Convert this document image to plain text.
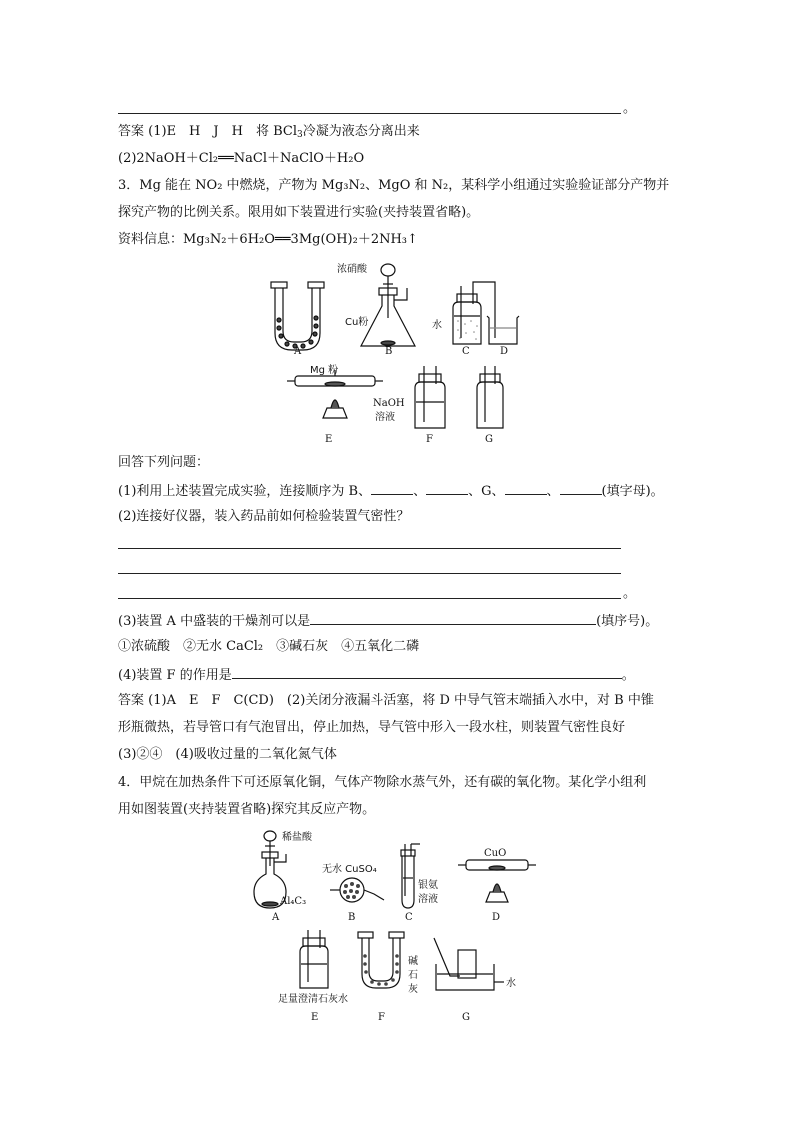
。
答案 (1)E　H　J　H　将 BCl$_3$冷凝为液态分离出来
(2)2NaOH＋Cl₂══NaCl＋NaClO＋H₂O
3．Mg 能在 NO₂ 中燃烧，产物为 Mg₃N₂、MgO 和 N₂，某科学小组通过实验验证部分产物并
探究产物的比例关系。限用如下装置进行实验(夹持装置省略)。
资料信息：Mg₃N₂＋6H₂O══3Mg(OH)₂＋2NH₃↑
A
浓硝酸
Cu粉
B
水
C	D
Mg 粉
E
NaOH
溶液
F	G
回答下列问题：
(1)利用上述装置完成实验，连接顺序为 B、	、	、G、	、	(填字母)。
(2)连接好仪器，装入药品前如何检验装置气密性？
。
(3)装置 A 中盛装的干燥剂可以是	(填序号)。
①浓硫酸　②无水 CaCl₂　③碱石灰　④五氧化二磷
(4)装置 F 的作用是	。
答案 (1)A　E　F　C(CD)　(2)关闭分液漏斗活塞，将 D 中导气管末端插入水中，对 B 中锥
形瓶微热，若导管口有气泡冒出，停止加热，导气管中形入一段水柱，则装置气密性良好
(3)②④　(4)吸收过量的二氧化氮气体
4．甲烷在加热条件下可还原氧化铜，气体产物除水蒸气外，还有碳的氧化物。某化学小组利
用如图装置(夹持装置省略)探究其反应产物。
稀盐酸
Al₄C₃
A
无水 CuSO₄
B
银氨
溶液
C
CuO
D
足量澄清石灰水
E
碱
石
灰
F
水
G
